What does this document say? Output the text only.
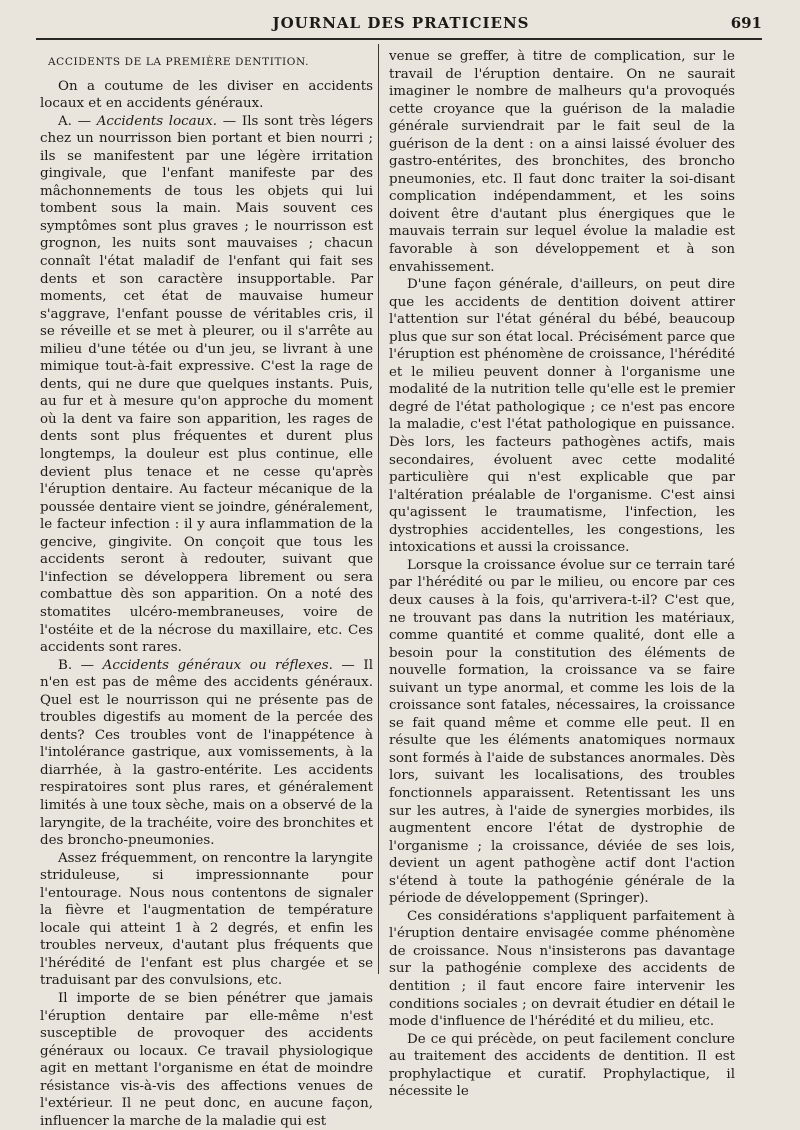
JOURNAL DES PRATICIENS	691
ACCIDENTS DE LA PREMIÈRE DENTITION.

On a coutume de les diviser en accidents locaux et en accidents généraux.

A. — Accidents locaux. — Ils sont très légers chez un nourrisson bien portant et bien nourri ; ils se manifestent par une légère irritation gingivale, que l'enfant manifeste par des mâchonnements de tous les objets qui lui tombent sous la main. Mais souvent ces symptômes sont plus graves ; le nourrisson est grognon, les nuits sont mauvaises ; chacun connaît l'état maladif de l'enfant qui fait ses dents et son caractère insupportable. Par moments, cet état de mauvaise humeur s'aggrave, l'enfant pousse de véritables cris, il se réveille et se met à pleurer, ou il s'arrête au milieu d'une tétée ou d'un jeu, se livrant à une mimique tout-à-fait expressive. C'est la rage de dents, qui ne dure que quelques instants. Puis, au fur et à mesure qu'on approche du moment où la dent va faire son apparition, les rages de dents sont plus fréquentes et durent plus longtemps, la douleur est plus continue, elle devient plus tenace et ne cesse qu'après l'éruption dentaire. Au facteur mécanique de la poussée dentaire vient se joindre, généralement, le facteur infection : il y aura inflammation de la gencive, gingivite. On conçoit que tous les accidents seront à redouter, suivant que l'infection se développera librement ou sera combattue dès son apparition. On a noté des stomatites ulcéro-membraneuses, voire de l'ostéite et de la nécrose du maxillaire, etc. Ces accidents sont rares.

B. — Accidents généraux ou réflexes. — Il n'en est pas de même des accidents généraux. Quel est le nourrisson qui ne présente pas de troubles digestifs au moment de la percée des dents? Ces troubles vont de l'inappétence à l'intolérance gastrique, aux vomissements, à la diarrhée, à la gastro-entérite. Les accidents respiratoires sont plus rares, et généralement limités à une toux sèche, mais on a observé de la laryngite, de la trachéite, voire des bronchites et des broncho-pneumonies.

Assez fréquemment, on rencontre la laryngite striduleuse, si impressionnante pour l'entourage. Nous nous contentons de signaler la fièvre et l'augmentation de température locale qui atteint 1 à 2 degrés, et enfin les troubles nerveux, d'autant plus fréquents que l'hérédité de l'enfant est plus chargée et se traduisant par des convulsions, etc.

Il importe de se bien pénétrer que jamais l'éruption dentaire par elle-même n'est susceptible de provoquer des accidents généraux ou locaux. Ce travail physiologique agit en mettant l'organisme en état de moindre résistance vis-à-vis des affections venues de l'extérieur. Il ne peut donc, en aucune façon, influencer la marche de la maladie qui est

venue se greffer, à titre de complication, sur le travail de l'éruption dentaire. On ne saurait imaginer le nombre de malheurs qu'a provoqués cette croyance que la guérison de la maladie générale surviendrait par le fait seul de la guérison de la dent : on a ainsi laissé évoluer des gastro-entérites, des bronchites, des broncho pneumonies, etc. Il faut donc traiter la soi-disant complication indépendamment, et les soins doivent être d'autant plus énergiques que le mauvais terrain sur lequel évolue la maladie est favorable à son développement et à son envahissement.

D'une façon générale, d'ailleurs, on peut dire que les accidents de dentition doivent attirer l'attention sur l'état général du bébé, beaucoup plus que sur son état local. Précisément parce que l'éruption est phénomène de croissance, l'hérédité et le milieu peuvent donner à l'organisme une modalité de la nutrition telle qu'elle est le premier degré de l'état pathologique ; ce n'est pas encore la maladie, c'est l'état pathologique en puissance. Dès lors, les facteurs pathogènes actifs, mais secondaires, évoluent avec cette modalité particulière qui n'est explicable que par l'altération préalable de l'organisme. C'est ainsi qu'agissent le traumatisme, l'infection, les dystrophies accidentelles, les congestions, les intoxications et aussi la croissance.

Lorsque la croissance évolue sur ce terrain taré par l'hérédité ou par le milieu, ou encore par ces deux causes à la fois, qu'arrivera-t-il? C'est que, ne trouvant pas dans la nutrition les matériaux, comme quantité et comme qualité, dont elle a besoin pour la constitution des éléments de nouvelle formation, la croissance va se faire suivant un type anormal, et comme les lois de la croissance sont fatales, nécessaires, la croissance se fait quand même et comme elle peut. Il en résulte que les éléments anatomiques normaux sont formés à l'aide de substances anormales. Dès lors, suivant les localisations, des troubles fonctionnels apparaissent. Retentissant les uns sur les autres, à l'aide de synergies morbides, ils augmentent encore l'état de dystrophie de l'organisme ; la croissance, déviée de ses lois, devient un agent pathogène actif dont l'action s'étend à toute la pathogénie générale de la période de développement (Springer).

Ces considérations s'appliquent parfaitement à l'éruption dentaire envisagée comme phénomène de croissance. Nous n'insisterons pas davantage sur la pathogénie complexe des accidents de dentition ; il faut encore faire intervenir les conditions sociales ; on devrait étudier en détail le mode d'influence de l'hérédité et du milieu, etc.

De ce qui précède, on peut facilement conclure au traitement des accidents de dentition. Il est prophylactique et curatif. Prophylactique, il nécessite le
